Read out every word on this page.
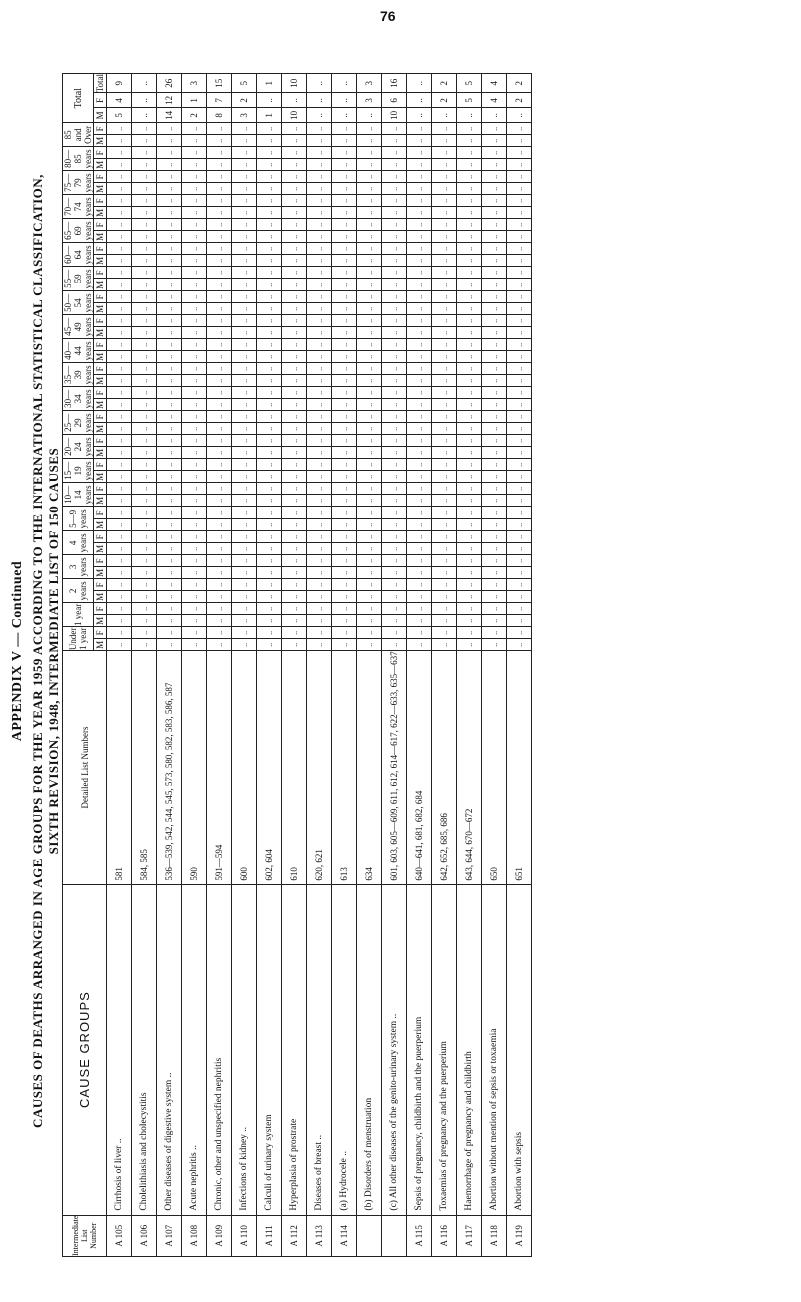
76
APPENDIX V — Continued CAUSES OF DEATHS ARRANGED IN AGE GROUPS FOR THE YEAR 1959 ACCORDING TO THE INTERNATIONAL STATISTICAL CLASSIFICATION, SIXTH REVISION, 1948, INTERMEDIATE LIST OF 150 CAUSES
Intermediate List Number	CAUSE GROUPS	Detailed List Numbers	Under 1 year		1 year		2 years		3 years		4 years		5—9 years		10—14 years		15—19 years		20—24 years		25—29 years		30—34 years		35—39 years		40—44 years		45—49 years		50—54 years		55—59 years		60—64 years		65—69 years		70—74 years		75—79 years		80—85 years		85 and Over		Total		
			M	F	M	F	M	F	M	F	M	F	M	F	M	F	M	F	M	F	M	F	M	F	M	F	M	F	M	F	M	F	M	F	M	F	M	F	M	F	M	F	M	F	M	F	M	F	Total
A 105	Cirrhosis of liver ..	581	..	..	..	..	..	..	..	..	..	..	..	..	..	..	..	..	..	..	..	..	..	..	..	..	..	..	..	..	..	..	..	..	..	..	..	..	..	..	..	..	..	..	..	..	5	4	9
A 106	Cholelithiasis and cholecystitis	584, 585	..	..	..	..	..	..	..	..	..	..	..	..	..	..	..	..	..	..	..	..	..	..	..	..	..	..	..	..	..	..	..	..	..	..	..	..	..	..	..	..	..	..	..	..	..	..	..
A 107	Other diseases of digestive system ..	536—539, 542, 544, 545, 573, 580, 582, 583, 586, 587	..	..	..	..	..	..	..	..	..	..	..	..	..	..	..	..	..	..	..	..	..	..	..	..	..	..	..	..	..	..	..	..	..	..	..	..	..	..	..	..	..	..	..	..	14	12	26
A 108	Acute nephritis ..	590	..	..	..	..	..	..	..	..	..	..	..	..	..	..	..	..	..	..	..	..	..	..	..	..	..	..	..	..	..	..	..	..	..	..	..	..	..	..	..	..	..	..	..	..	2	1	3
A 109	Chronic, other and unspecified nephritis	591—594	..	..	..	..	..	..	..	..	..	..	..	..	..	..	..	..	..	..	..	..	..	..	..	..	..	..	..	..	..	..	..	..	..	..	..	..	..	..	..	..	..	..	..	..	8	7	15
A 110	Infections of kidney ..	600	..	..	..	..	..	..	..	..	..	..	..	..	..	..	..	..	..	..	..	..	..	..	..	..	..	..	..	..	..	..	..	..	..	..	..	..	..	..	..	..	..	..	..	..	3	2	5
A 111	Calculi of urinary system	602, 604	..	..	..	..	..	..	..	..	..	..	..	..	..	..	..	..	..	..	..	..	..	..	..	..	..	..	..	..	..	..	..	..	..	..	..	..	..	..	..	..	..	..	..	..	1	..	1
A 112	Hyperplasia of prostrate	610	..	..	..	..	..	..	..	..	..	..	..	..	..	..	..	..	..	..	..	..	..	..	..	..	..	..	..	..	..	..	..	..	..	..	..	..	..	..	..	..	..	..	..	..	10	..	10
A 113	Diseases of breast ..	620, 621	..	..	..	..	..	..	..	..	..	..	..	..	..	..	..	..	..	..	..	..	..	..	..	..	..	..	..	..	..	..	..	..	..	..	..	..	..	..	..	..	..	..	..	..	..	..	..
A 114	(a) Hydrocele ..	613	..	..	..	..	..	..	..	..	..	..	..	..	..	..	..	..	..	..	..	..	..	..	..	..	..	..	..	..	..	..	..	..	..	..	..	..	..	..	..	..	..	..	..	..	..	..	..
	(b) Disorders of menstruation	634	..	..	..	..	..	..	..	..	..	..	..	..	..	..	..	..	..	..	..	..	..	..	..	..	..	..	..	..	..	..	..	..	..	..	..	..	..	..	..	..	..	..	..	..	..	3	3
	(c) All other diseases of the genito-urinary system ..	601, 603, 605—609, 611, 612, 614—617, 622—633, 635—637	..	..	..	..	..	..	..	..	..	..	..	..	..	..	..	..	..	..	..	..	..	..	..	..	..	..	..	..	..	..	..	..	..	..	..	..	..	..	..	..	..	..	..	..	10	6	16
A 115	Sepsis of pregnancy, childbirth and the puerperium	640—641, 681, 682, 684	..	..	..	..	..	..	..	..	..	..	..	..	..	..	..	..	..	..	..	..	..	..	..	..	..	..	..	..	..	..	..	..	..	..	..	..	..	..	..	..	..	..	..	..	..	..	..
A 116	Toxaemias of pregnancy and the puerperium	642, 652, 685, 686	..	..	..	..	..	..	..	..	..	..	..	..	..	..	..	..	..	..	..	..	..	..	..	..	..	..	..	..	..	..	..	..	..	..	..	..	..	..	..	..	..	..	..	..	..	2	2
A 117	Haemorrhage of pregnancy and childbirth	643, 644, 670—672	..	..	..	..	..	..	..	..	..	..	..	..	..	..	..	..	..	..	..	..	..	..	..	..	..	..	..	..	..	..	..	..	..	..	..	..	..	..	..	..	..	..	..	..	..	5	5
A 118	Abortion without mention of sepsis or toxaemia	650	..	..	..	..	..	..	..	..	..	..	..	..	..	..	..	..	..	..	..	..	..	..	..	..	..	..	..	..	..	..	..	..	..	..	..	..	..	..	..	..	..	..	..	..	..	4	4
A 119	Abortion with sepsis	651	..	..	..	..	..	..	..	..	..	..	..	..	..	..	..	..	..	..	..	..	..	..	..	..	..	..	..	..	..	..	..	..	..	..	..	..	..	..	..	..	..	..	..	..	..	2	2
